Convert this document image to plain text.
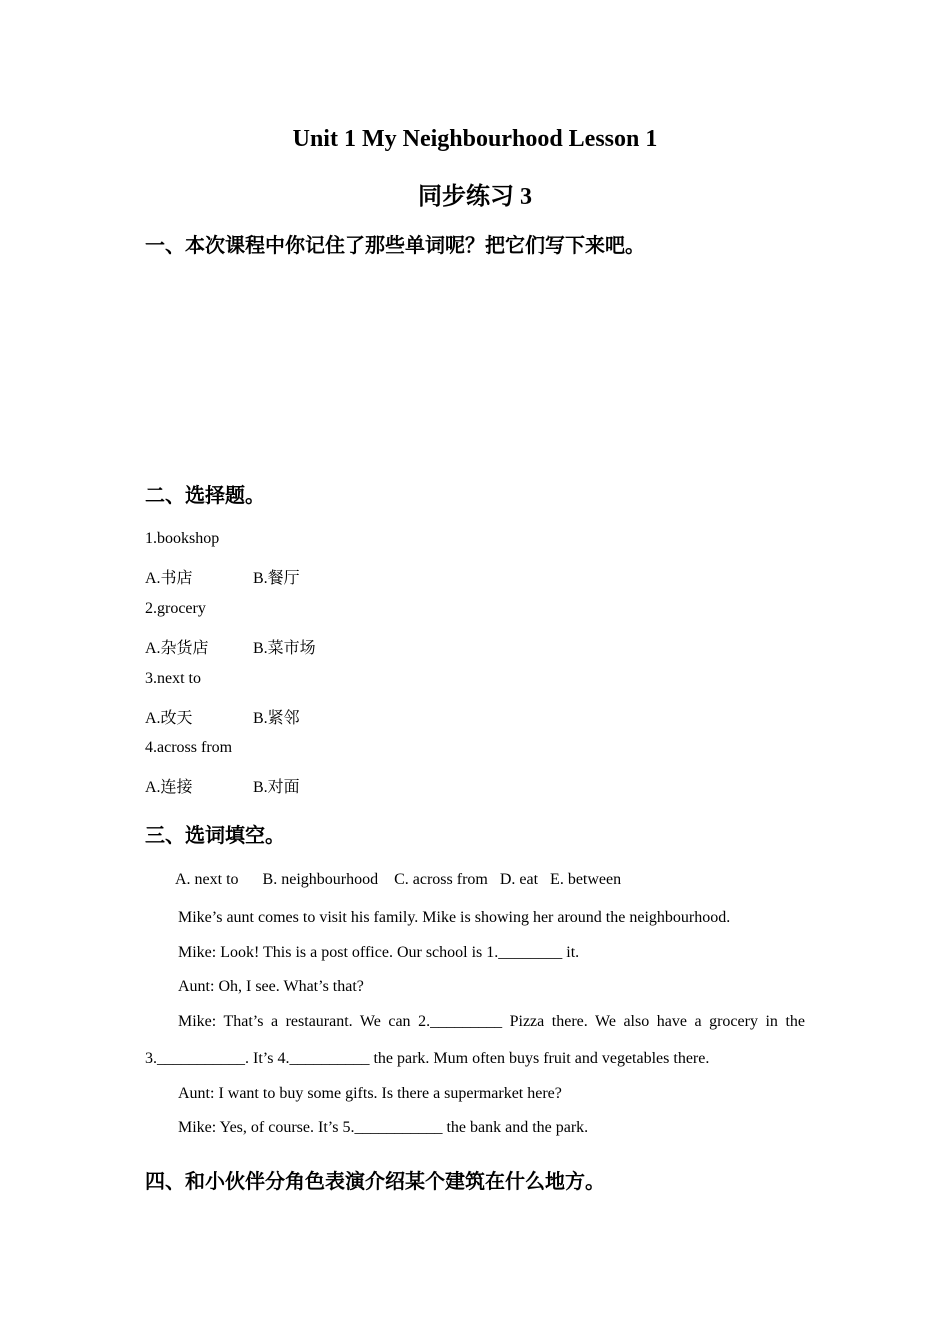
Unit 1 My Neighbourhood Lesson 1
同步练习 3
一、本次课程中你记住了那些单词呢？把它们写下来吧。
二、选择题。
1.bookshop
A.书店	B.餐厅
2.grocery
A.杂货店	B.菜市场
3.next to
A.改天	B.紧邻
4.across from
A.连接	B.对面
三、选词填空。
A. next to      B. neighbourhood    C. across from   D. eat   E. between
Mike’s aunt comes to visit his family. Mike is showing her around the neighbourhood.
Mike: Look! This is a post office. Our school is 1.________ it.
Aunt: Oh, I see. What’s that?
Mike: That’s a restaurant. We can 2._________ Pizza there. We also have a grocery in the
3.___________. It’s 4.__________ the park. Mum often buys fruit and vegetables there.
Aunt: I want to buy some gifts. Is there a supermarket here?
Mike: Yes, of course. It’s 5.___________ the bank and the park.
四、和小伙伴分角色表演介绍某个建筑在什么地方。
